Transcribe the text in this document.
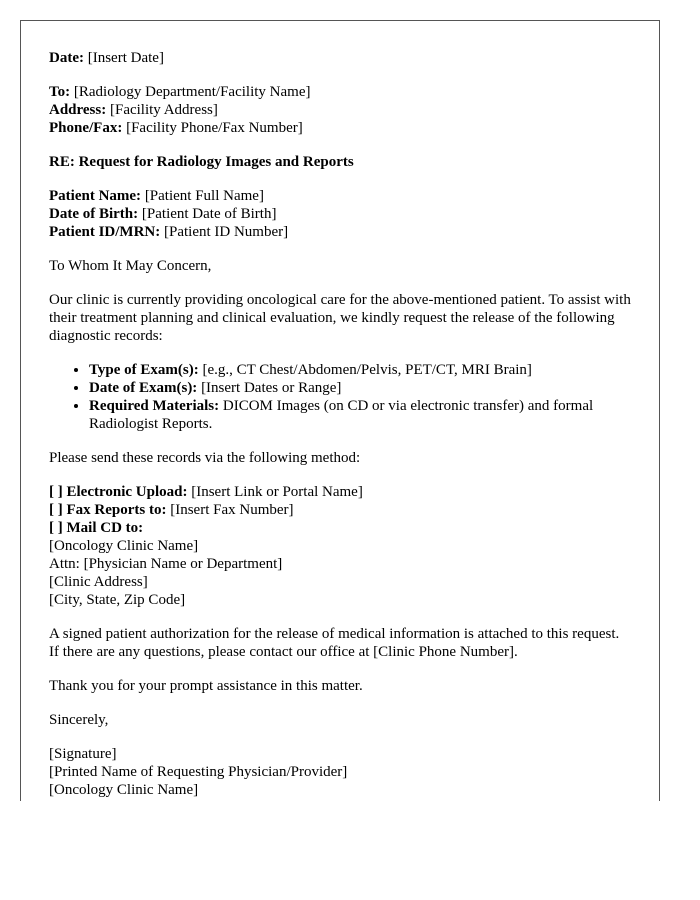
Date: [Insert Date]

To: [Radiology Department/Facility Name]
Address: [Facility Address]
Phone/Fax: [Facility Phone/Fax Number]

RE: Request for Radiology Images and Reports

Patient Name: [Patient Full Name]
Date of Birth: [Patient Date of Birth]
Patient ID/MRN: [Patient ID Number]

To Whom It May Concern,

Our clinic is currently providing oncological care for the above-mentioned patient. To assist with their treatment planning and clinical evaluation, we kindly request the release of the following diagnostic records:

• Type of Exam(s): [e.g., CT Chest/Abdomen/Pelvis, PET/CT, MRI Brain]
• Date of Exam(s): [Insert Dates or Range]
• Required Materials: DICOM Images (on CD or via electronic transfer) and formal Radiologist Reports.

Please send these records via the following method:

[ ] Electronic Upload: [Insert Link or Portal Name]
[ ] Fax Reports to: [Insert Fax Number]
[ ] Mail CD to:
[Oncology Clinic Name]
Attn: [Physician Name or Department]
[Clinic Address]
[City, State, Zip Code]

A signed patient authorization for the release of medical information is attached to this request. If there are any questions, please contact our office at [Clinic Phone Number].

Thank you for your prompt assistance in this matter.

Sincerely,

[Signature]
[Printed Name of Requesting Physician/Provider]
[Oncology Clinic Name]
